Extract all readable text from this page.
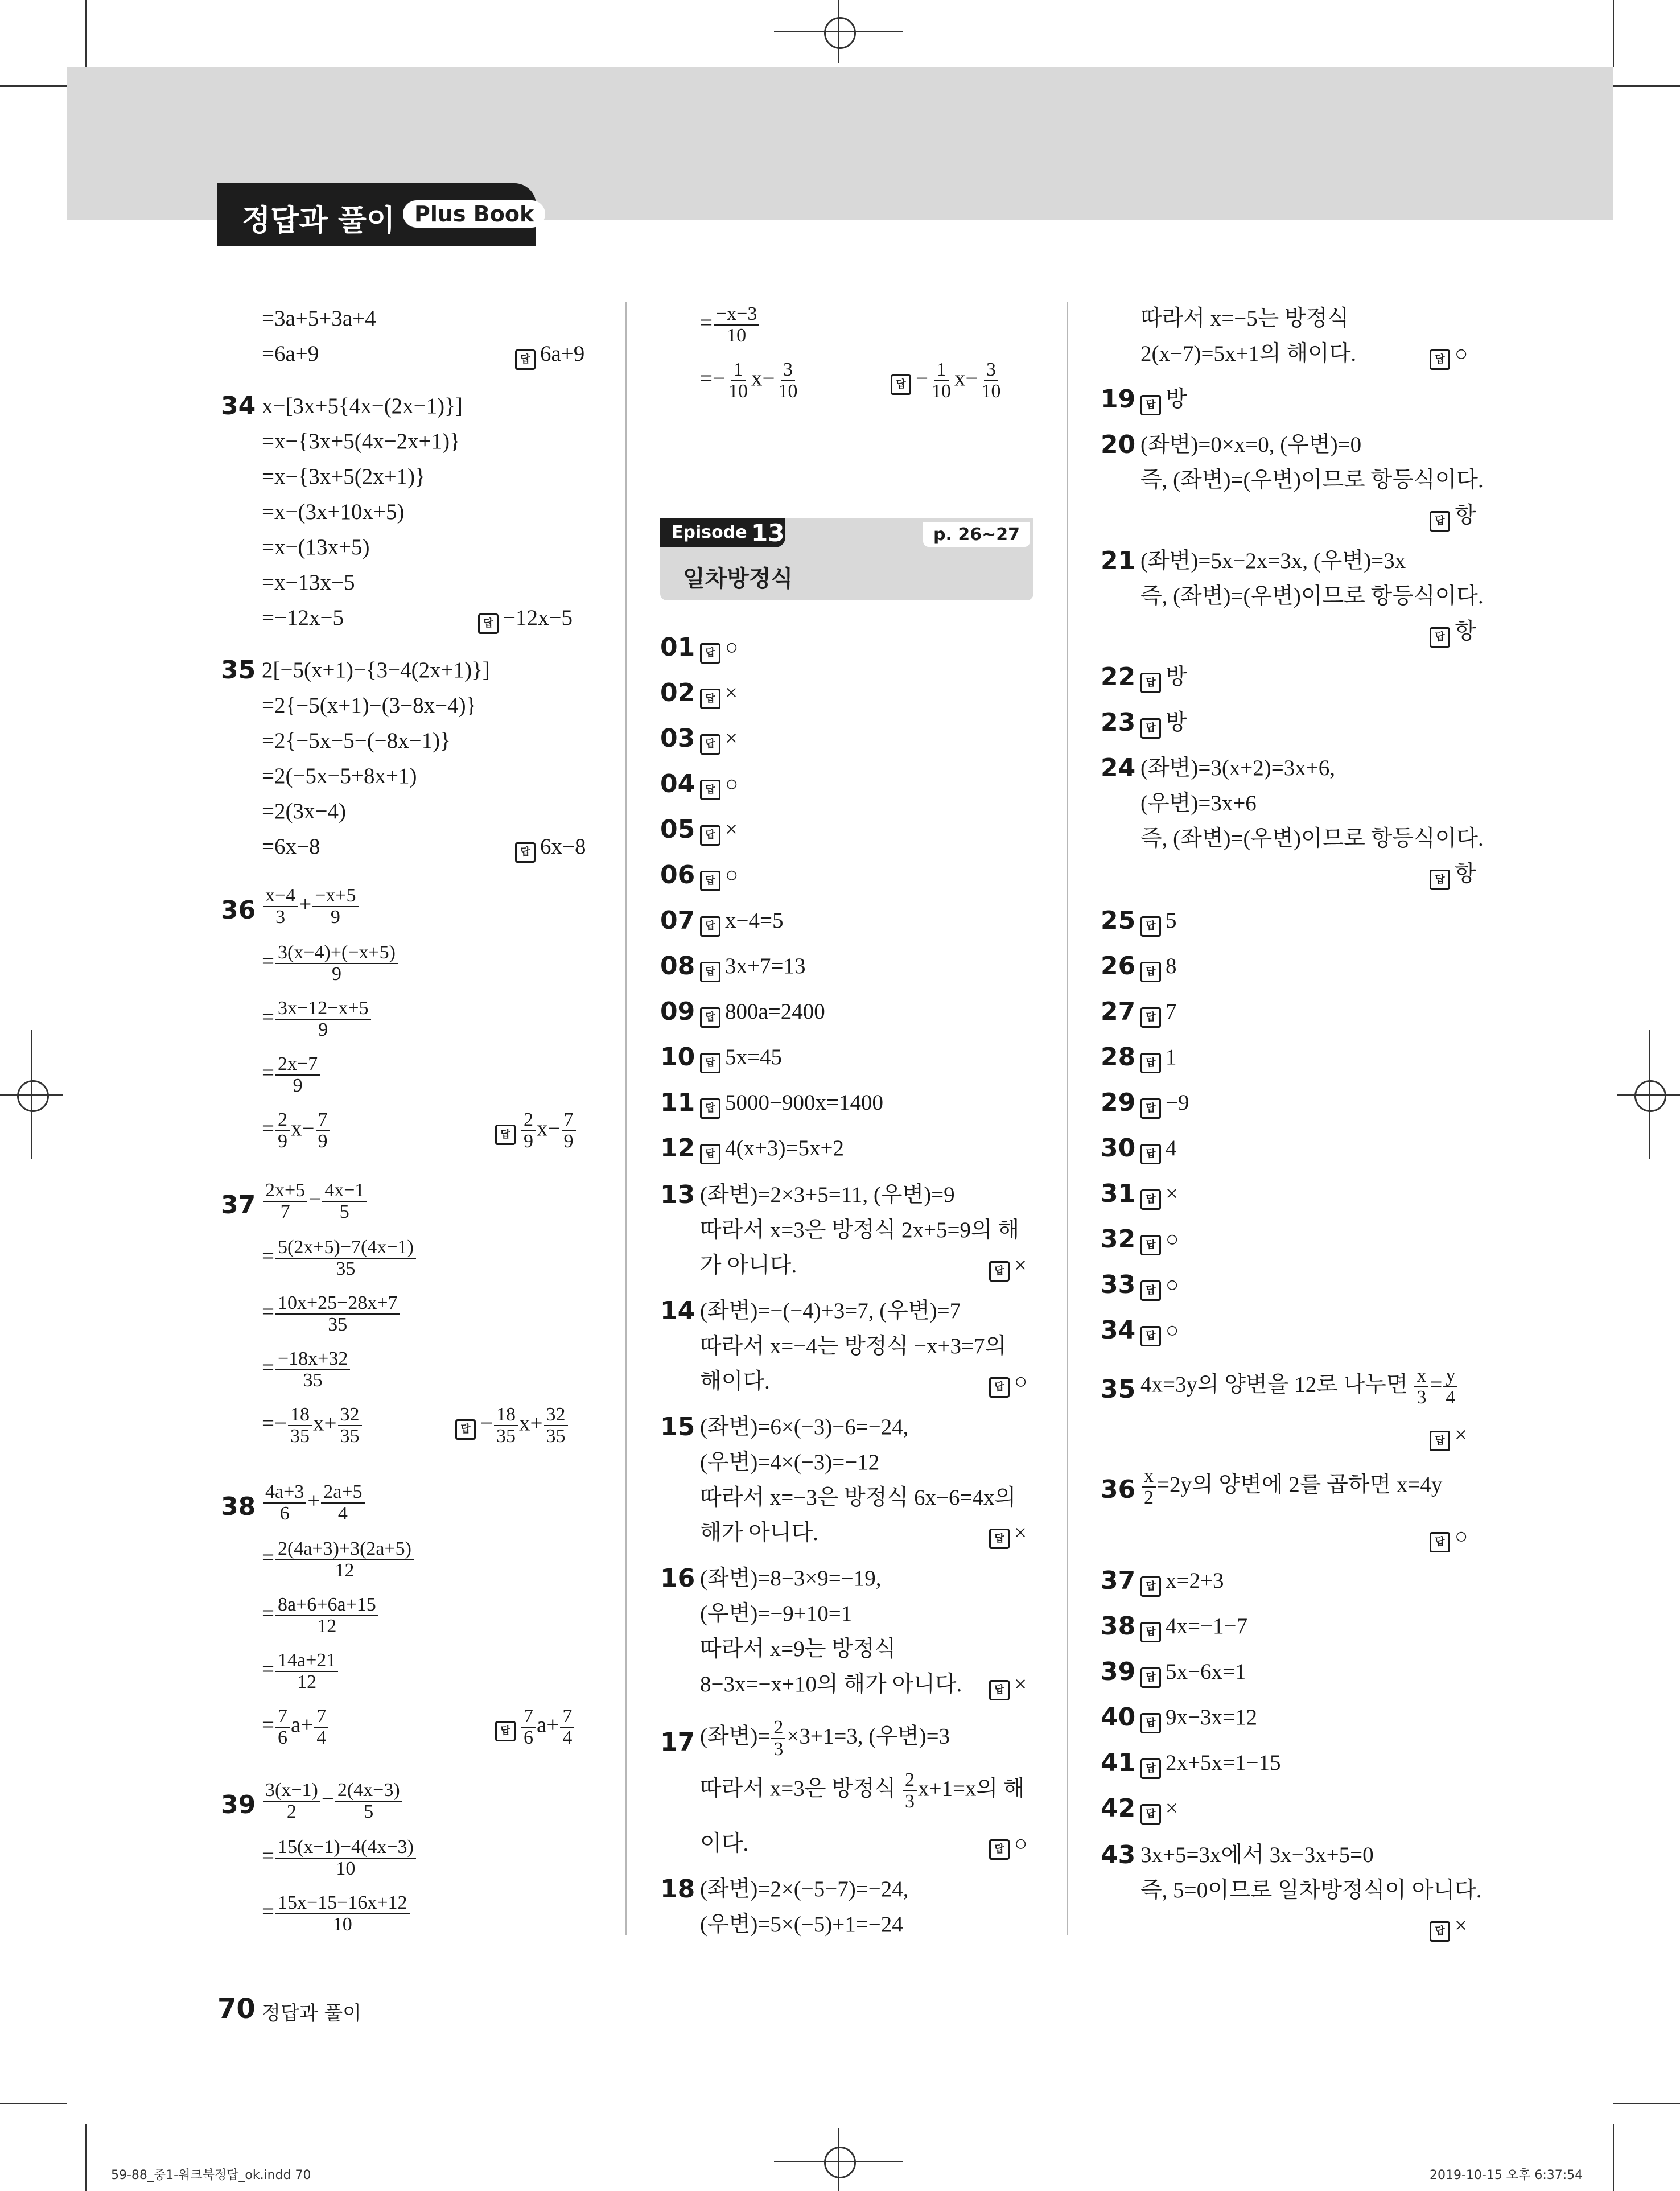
정답과 풀이 Plus Book
=3a+5+3a+4
=6a+9	답 6a+9
34 x−[3x+5{4x−(2x−1)}]
=x−{3x+5(4x−2x+1)}
=x−{3x+5(2x+1)}
=x−(3x+10x+5)
=x−(13x+5)
=x−13x−5
=−12x−5	답 −12x−5
35 2[−5(x+1)−{3−4(2x+1)}]
=2{−5(x+1)−(3−8x−4)}
=2{−5x−5−(−8x−1)}
=2(−5x−5+8x+1)
=2(3x−4)
=6x−8	답 6x−8
$36 \frac{x-4}{3} + \frac{-x+5}{9}$
= $\frac{3(x-4)+(-x+5)}{9}$
= $\frac{3x-12-x+5}{9}$
= $\frac{2x-7}{9}$
= $\frac{2}{9} x- \frac{7}{9}$	답 $\frac{2}{9} x- \frac{7}{9}$
$37 \frac{2x+5}{7} - \frac{4x-1}{5}$
= $\frac{5(2x+5)-7(4x-1)}{35}$
= $\frac{10x+25-28x+7}{35}$
= $\frac{-18x+32}{35}$
=− $\frac{18}{35} x+ \frac{32}{35}$	답 − $\frac{18}{35} x+ \frac{32}{35}$
$38 \frac{4a+3}{6} + \frac{2a+5}{4}$
= $\frac{2(4a+3)+3(2a+5)}{12}$
= $\frac{8a+6+6a+15}{12}$
= $\frac{14a+21}{12}$
= $\frac{7}{6} a+ \frac{7}{4}$	답 $\frac{7}{6} a+ \frac{7}{4}$
$39 \frac{3(x-1)}{2} - \frac{2(4x-3)}{5}$
= $\frac{15(x-1)-4(4x-3)}{10}$
= $\frac{15x-15-16x+12}{10}$
= $\frac{-x-3}{10}$
=− $\frac{1}{10} x- \frac{3}{10}$	답 − $\frac{1}{10} x- \frac{3}{10}$
Episode 13	p. 26~27
일차방정식
01	답 ○
02	답 ×
03	답 ×
04	답 ○
05	답 ×
06	답 ○
07	답 x−4=5
08	답 3x+7=13
09	답 800a=2400
10	답 5x=45
11	답 5000−900x=1400
12	답 4(x+3)=5x+2
13 (좌변)=2×3+5=11, (우변)=9
따라서 x=3은 방정식 2x+5=9의 해
가 아니다.	답 ×
14 (좌변)=−(−4)+3=7, (우변)=7
따라서 x=−4는 방정식 −x+3=7의
해이다.	답 ○
15 (좌변)=6×(−3)−6=−24,
(우변)=4×(−3)=−12
따라서 x=−3은 방정식 6x−6=4x의
해가 아니다.	답 ×
16 (좌변)=8−3×9=−19,
(우변)=−9+10=1
따라서 x=9는 방정식
8−3x=−x+10의 해가 아니다.	답 ×
17 (좌변)= $\frac{2}{3} \times 3+1=3$, (우변)=3
따라서 x=3은 방정식 $\frac{2}{3} x+1=x$의 해
이다.	답 ○
18 (좌변)=2×(−5−7)=−24,
(우변)=5×(−5)+1=−24
따라서 x=−5는 방정식
2(x−7)=5x+1의 해이다.	답 ○
19	답 방
20 (좌변)=0×x=0, (우변)=0
즉, (좌변)=(우변)이므로 항등식이다.
답 항
21 (좌변)=5x−2x=3x, (우변)=3x
즉, (좌변)=(우변)이므로 항등식이다.
답 항
22	답 방
23	답 방
24 (좌변)=3(x+2)=3x+6,
(우변)=3x+6
즉, (좌변)=(우변)이므로 항등식이다.
답 항
25	답 5
26	답 8
27	답 7
28	답 1
29	답 −9
30	답 4
31	답 ×
32	답 ○
33	답 ○
34	답 ○
35 4x=3y의 양변을 12로 나누면 $\frac{x}{3} = \frac{y}{4}$
답 ×
$36 \frac{x}{2} =2y$의 양변에 2를 곱하면 x=4y
답 ○
37	답 x=2+3
38	답 4x=−1−7
39	답 5x−6x=1
40	답 9x−3x=12
41	답 2x+5x=1−15
42	답 ×
43 3x+5=3x에서 3x−3x+5=0
즉, 5=0이므로 일차방정식이 아니다.
답 ×
70 정답과 풀이
59-88_중1-워크북정답_ok.indd 70	2019-10-15 오후 6:37:54
